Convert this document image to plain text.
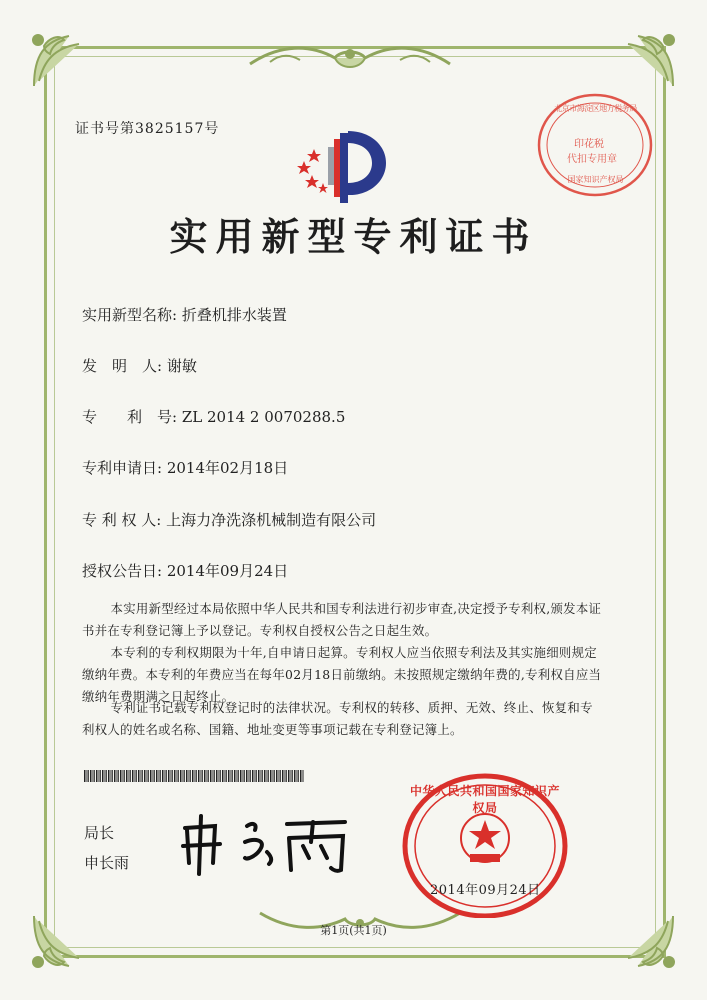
证书号第3825157号
实用新型专利证书
印花税
代扣专用章
北京市海淀区地方税务局
国家知识产权局
实用新型名称: 折叠机排水装置
发　明　人: 谢敏
专　　利　号: ZL 2014 2 0070288.5
专利申请日: 2014年02月18日
专 利 权 人: 上海力净洗涤机械制造有限公司
授权公告日: 2014年09月24日
本实用新型经过本局依照中华人民共和国专利法进行初步审查,决定授予专利权,颁发本证书并在专利登记簿上予以登记。专利权自授权公告之日起生效。
本专利的专利权期限为十年,自申请日起算。专利权人应当依照专利法及其实施细则规定缴纳年费。本专利的年费应当在每年02月18日前缴纳。未按照规定缴纳年费的,专利权自应当缴纳年费期满之日起终止。
专利证书记载专利权登记时的法律状况。专利权的转移、质押、无效、终止、恢复和专利权人的姓名或名称、国籍、地址变更等事项记载在专利登记簿上。
局长
申长雨
中华人民共和国国家知识产权局
2014年09月24日
第1页(共1页)
